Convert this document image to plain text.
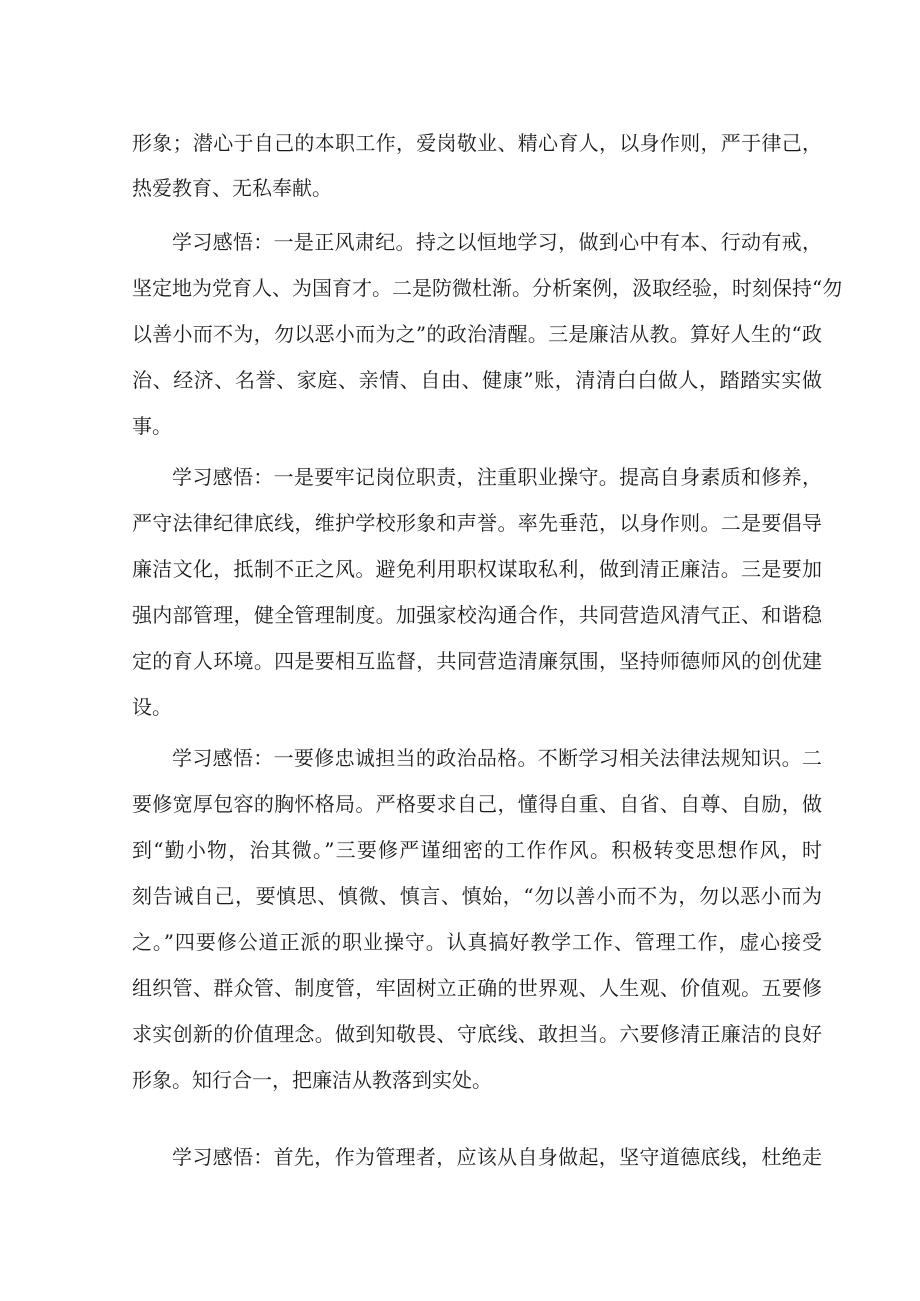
形象；潜心于自己的本职工作，爱岗敬业、精心育人，以身作则，严于律己，

热爱教育、无私奉献。

学习感悟：一是正风肃纪。持之以恒地学习，做到心中有本、行动有戒，

坚定地为党育人、为国育才。二是防微杜渐。分析案例，汲取经验，时刻保持“勿

以善小而不为，勿以恶小而为之”的政治清醒。三是廉洁从教。算好人生的“政

治、经济、名誉、家庭、亲情、自由、健康”账，清清白白做人，踏踏实实做

事。

学习感悟：一是要牢记岗位职责，注重职业操守。提高自身素质和修养，

严守法律纪律底线，维护学校形象和声誉。率先垂范，以身作则。二是要倡导

廉洁文化，抵制不正之风。避免利用职权谋取私利，做到清正廉洁。三是要加

强内部管理，健全管理制度。加强家校沟通合作，共同营造风清气正、和谐稳

定的育人环境。四是要相互监督，共同营造清廉氛围，坚持师德师风的创优建

设。

学习感悟：一要修忠诚担当的政治品格。不断学习相关法律法规知识。二

要修宽厚包容的胸怀格局。严格要求自己，懂得自重、自省、自尊、自励，做

到“勤小物，治其微。”三要修严谨细密的工作作风。积极转变思想作风，时

刻告诫自己，要慎思、慎微、慎言、慎始，“勿以善小而不为，勿以恶小而为

之。”四要修公道正派的职业操守。认真搞好教学工作、管理工作，虚心接受

组织管、群众管、制度管，牢固树立正确的世界观、人生观、价值观。五要修

求实创新的价值理念。做到知敬畏、守底线、敢担当。六要修清正廉洁的良好

形象。知行合一，把廉洁从教落到实处。

学习感悟：首先，作为管理者，应该从自身做起，坚守道德底线，杜绝走
